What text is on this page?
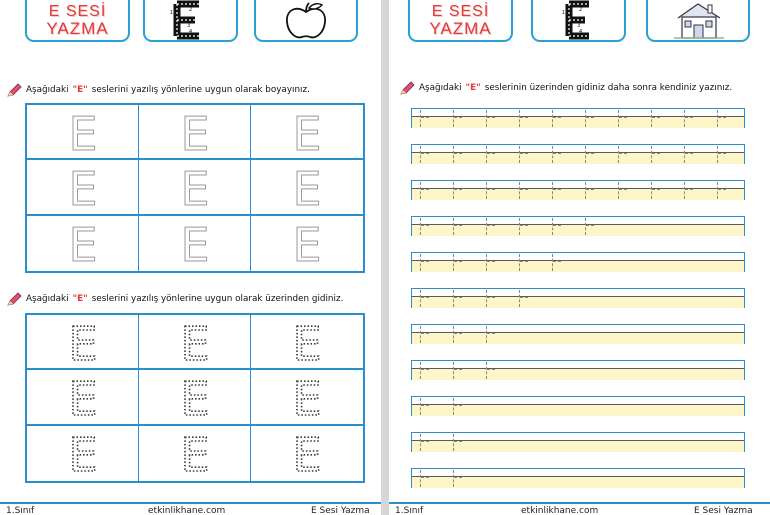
E SESİ
YAZMA
2
3
4
1
Aşağıdaki "E" seslerini yazılış yönlerine uygun olarak boyayınız.
E E E
E E E
E E E
Aşağıdaki "E" seslerini yazılış yönlerine uygun olarak üzerinden gidiniz.
E E E
E E E
E E E
1.Sınıf	etkinlikhane.com	E Sesi Yazma
E SESİ
YAZMA
1	2
3
4
Aşağıdaki "E" seslerinin üzerinden gidiniz daha sonra kendiniz yazınız.
1.Sınıf	etkinlikhane.com	E Sesi Yazma
